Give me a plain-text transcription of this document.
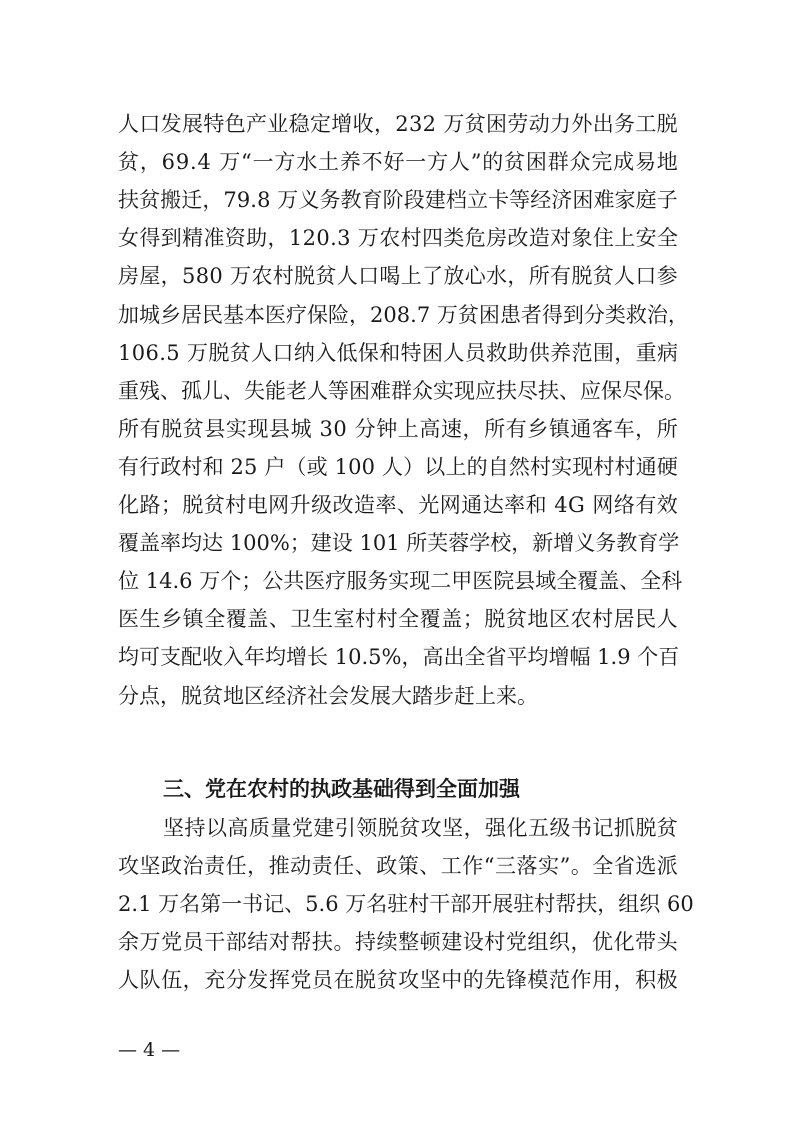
人 口 发 展 特 色 产 业 稳 定 增 收 ， 2 3 2
万 贫 困 劳 动 力 外 出 务 工 脱
贫 ， 6 9 . 4
万 “ 一 方 水 土 养 不 好 一 方 人 ” 的 贫 困 群 众 完 成 易 地
扶 贫 搬 迁 ， 7 9 . 8
万 义 务 教 育 阶 段 建 档 立 卡 等 经 济 困 难 家 庭 子
女 得 到 精 准 资 助 ， 1 2 0 . 3
万 农 村 四 类 危 房 改 造 对 象 住 上 安 全
房 屋 ， 5 8 0
万 农 村 脱 贫 人 口 喝 上 了 放 心 水 ， 所 有 脱 贫 人 口 参
加 城 乡 居 民 基 本 医 疗 保 险 ， 2 0 8 . 7
万 贫 困 患 者 得 到 分 类 救 治 ，
1 0 6 . 5
万 脱 贫 人 口 纳 入 低 保 和 特 困 人 员 救 助 供 养 范 围 ， 重 病
重 残 、 孤 儿 、 失 能 老 人 等 困 难 群 众 实 现 应 扶 尽 扶 、 应 保 尽 保 。
所 有 脱 贫 县 实 现 县 城
3 0
分 钟 上 高 速 ， 所 有 乡 镇 通 客 车 ， 所
有 行 政 村 和
2 5
户 （ 或
1 0 0
人 ） 以 上 的 自 然 村 实 现 村 村 通 硬
化 路 ； 脱 贫 村 电 网 升 级 改 造 率 、 光 网 通 达 率 和
4 G
网 络 有 效
覆 盖 率 均 达
1 0 0 % ； 建 设
1 0 1
所 芙 蓉 学 校 ， 新 增 义 务 教 育 学
位
1 4 . 6
万 个 ； 公 共 医 疗 服 务 实 现 二 甲 医 院 县 域 全 覆 盖 、 全 科
医 生 乡 镇 全 覆 盖 、 卫 生 室 村 村 全 覆 盖 ； 脱 贫 地 区 农 村 居 民 人
均 可 支 配 收 入 年 均 增 长
1 0 . 5 % ， 高 出 全 省 平 均 增 幅
1 . 9
个 百
分点，脱贫地区经济社会发展大踏步赶上来。
三、党在农村的执政基础得到全面加强
坚 持 以 高 质 量 党 建 引 领 脱 贫 攻 坚 ， 强 化 五 级 书 记 抓 脱 贫
攻 坚 政 治 责 任 ， 推 动 责 任 、 政 策 、 工 作 “ 三 落 实 ” 。 全 省 选 派
2 . 1
万 名 第 一 书 记 、 5 . 6
万 名 驻 村 干 部 开 展 驻 村 帮 扶 ， 组 织
6 0
余 万 党 员 干 部 结 对 帮 扶 。 持 续 整 顿 建 设 村 党 组 织 ， 优 化 带 头
人 队 伍 ， 充 分 发 挥 党 员 在 脱 贫 攻 坚 中 的 先 锋 模 范 作 用 ， 积 极
— 4 —
